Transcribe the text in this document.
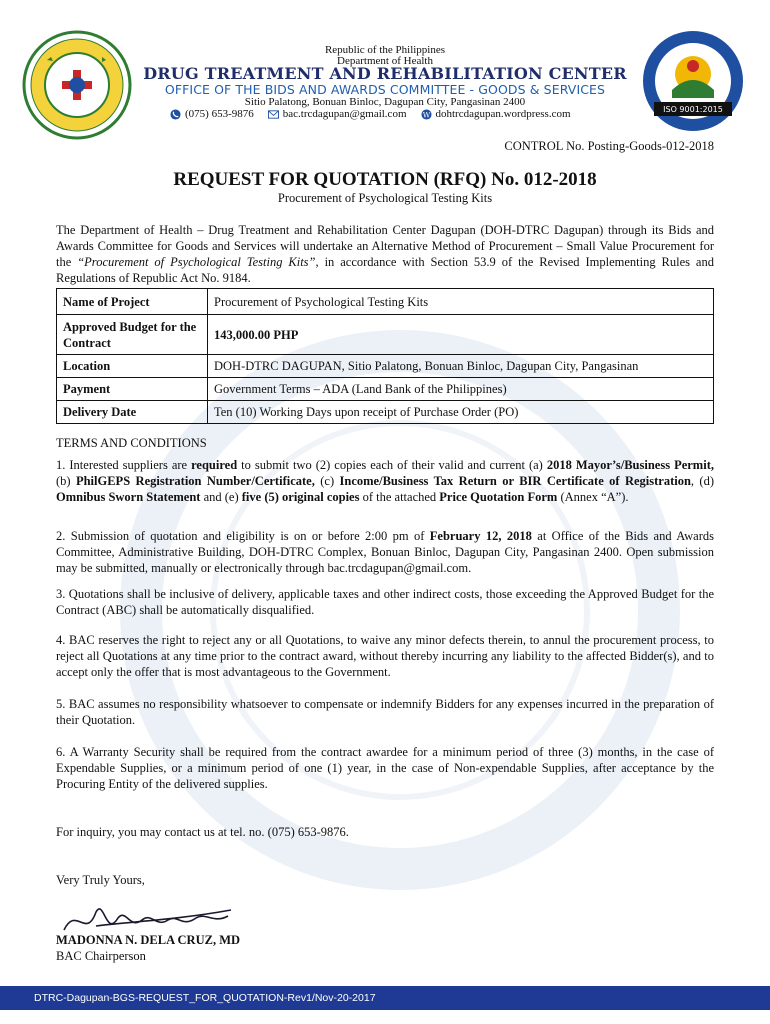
ISO 9001:2015
Republic of the Philippines
Department of Health
DRUG TREATMENT AND REHABILITATION CENTER
OFFICE OF THE BIDS AND AWARDS COMMITTEE - GOODS & SERVICES
Sitio Palatong, Bonuan Binloc, Dagupan City, Pangasinan 2400
(075) 653-9876	bac.trcdagupan@gmail.com W dohtrcdagupan.wordpress.com
CONTROL No. Posting-Goods-012-2018
REQUEST FOR QUOTATION (RFQ) No. 012-2018
Procurement of Psychological Testing Kits
The Department of Health – Drug Treatment and Rehabilitation Center Dagupan (DOH-DTRC Dagupan) through its Bids and Awards Committee for Goods and Services will undertake an Alternative Method of Procurement – Small Value Procurement for the “Procurement of Psychological Testing Kits”, in accordance with Section 53.9 of the Revised Implementing Rules and Regulations of Republic Act No. 9184.
Name of Project	Procurement of Psychological Testing Kits
Approved Budget for the Contract	143,000.00 PHP
Location	DOH-DTRC DAGUPAN, Sitio Palatong, Bonuan Binloc, Dagupan City, Pangasinan
Payment	Government Terms – ADA (Land Bank of the Philippines)
Delivery Date	Ten (10) Working Days upon receipt of Purchase Order (PO)
TERMS AND CONDITIONS
1. Interested suppliers are required to submit two (2) copies each of their valid and current (a) 2018 Mayor’s/Business Permit, (b) PhilGEPS Registration Number/Certificate, (c) Income/Business Tax Return or BIR Certificate of Registration, (d) Omnibus Sworn Statement and (e) five (5) original copies of the attached Price Quotation Form (Annex “A”).
2. Submission of quotation and eligibility is on or before 2:00 pm of February 12, 2018 at Office of the Bids and Awards Committee, Administrative Building, DOH-DTRC Complex, Bonuan Binloc, Dagupan City, Pangasinan 2400. Open submission may be submitted, manually or electronically through bac.trcdagupan@gmail.com.
3. Quotations shall be inclusive of delivery, applicable taxes and other indirect costs, those exceeding the Approved Budget for the Contract (ABC) shall be automatically disqualified.
4. BAC reserves the right to reject any or all Quotations, to waive any minor defects therein, to annul the procurement process, to reject all Quotations at any time prior to the contract award, without thereby incurring any liability to the affected Bidder(s), and to accept only the offer that is most advantageous to the Government.
5. BAC assumes no responsibility whatsoever to compensate or indemnify Bidders for any expenses incurred in the preparation of their Quotation.
6. A Warranty Security shall be required from the contract awardee for a minimum period of three (3) months, in the case of Expendable Supplies, or a minimum period of one (1) year, in the case of Non-expendable Supplies, after acceptance by the Procuring Entity of the delivered supplies.
For inquiry, you may contact us at tel. no. (075) 653-9876.
Very Truly Yours,
MADONNA N. DELA CRUZ, MD
BAC Chairperson
DTRC-Dagupan-BGS-REQUEST_FOR_QUOTATION-Rev1/Nov-20-2017
